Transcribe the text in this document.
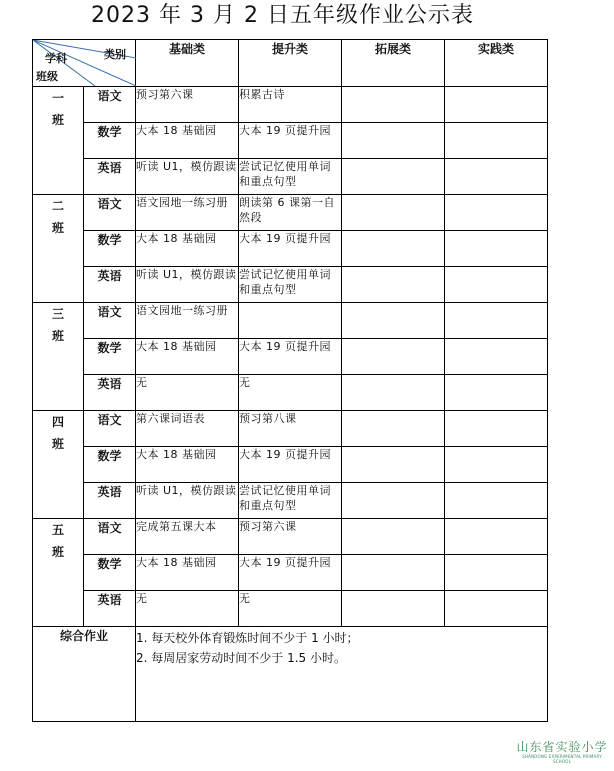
2023 年 3 月 2 日五年级作业公示表
类别
学科
班级		基础类	提升类	拓展类	实践类

一
班	语文	预习第六课	积累古诗		
	数学	大本 18 基础园	大本 19 页提升园		
	英语	听读 U1，模仿跟读	尝试记忆使用单词和重点句型		

二
班	语文	语文园地一练习册	朗读第 6 课第一自然段		
	数学	大本 18 基础园	大本 19 页提升园		
	英语	听读 U1，模仿跟读	尝试记忆使用单词和重点句型		

三
班	语文	语文园地一练习册			
	数学	大本 18 基础园	大本 19 页提升园		
	英语	无	无		

四
班	语文	第六课词语表	预习第八课		
	数学	大本 18 基础园	大本 19 页提升园		
	英语	听读 U1，模仿跟读	尝试记忆使用单词和重点句型		

五
班	语文	完成第五课大本	预习第六课		
	数学	大本 18 基础园	大本 19 页提升园		
	英语	无	无		
综合作业		1. 每天校外体育锻炼时间不少于 1 小时；
2. 每周居家劳动时间不少于 1.5 小时。			
山东省实验小学
SHANDONG EXPERIMENTAL PRIMARY SCHOOL
